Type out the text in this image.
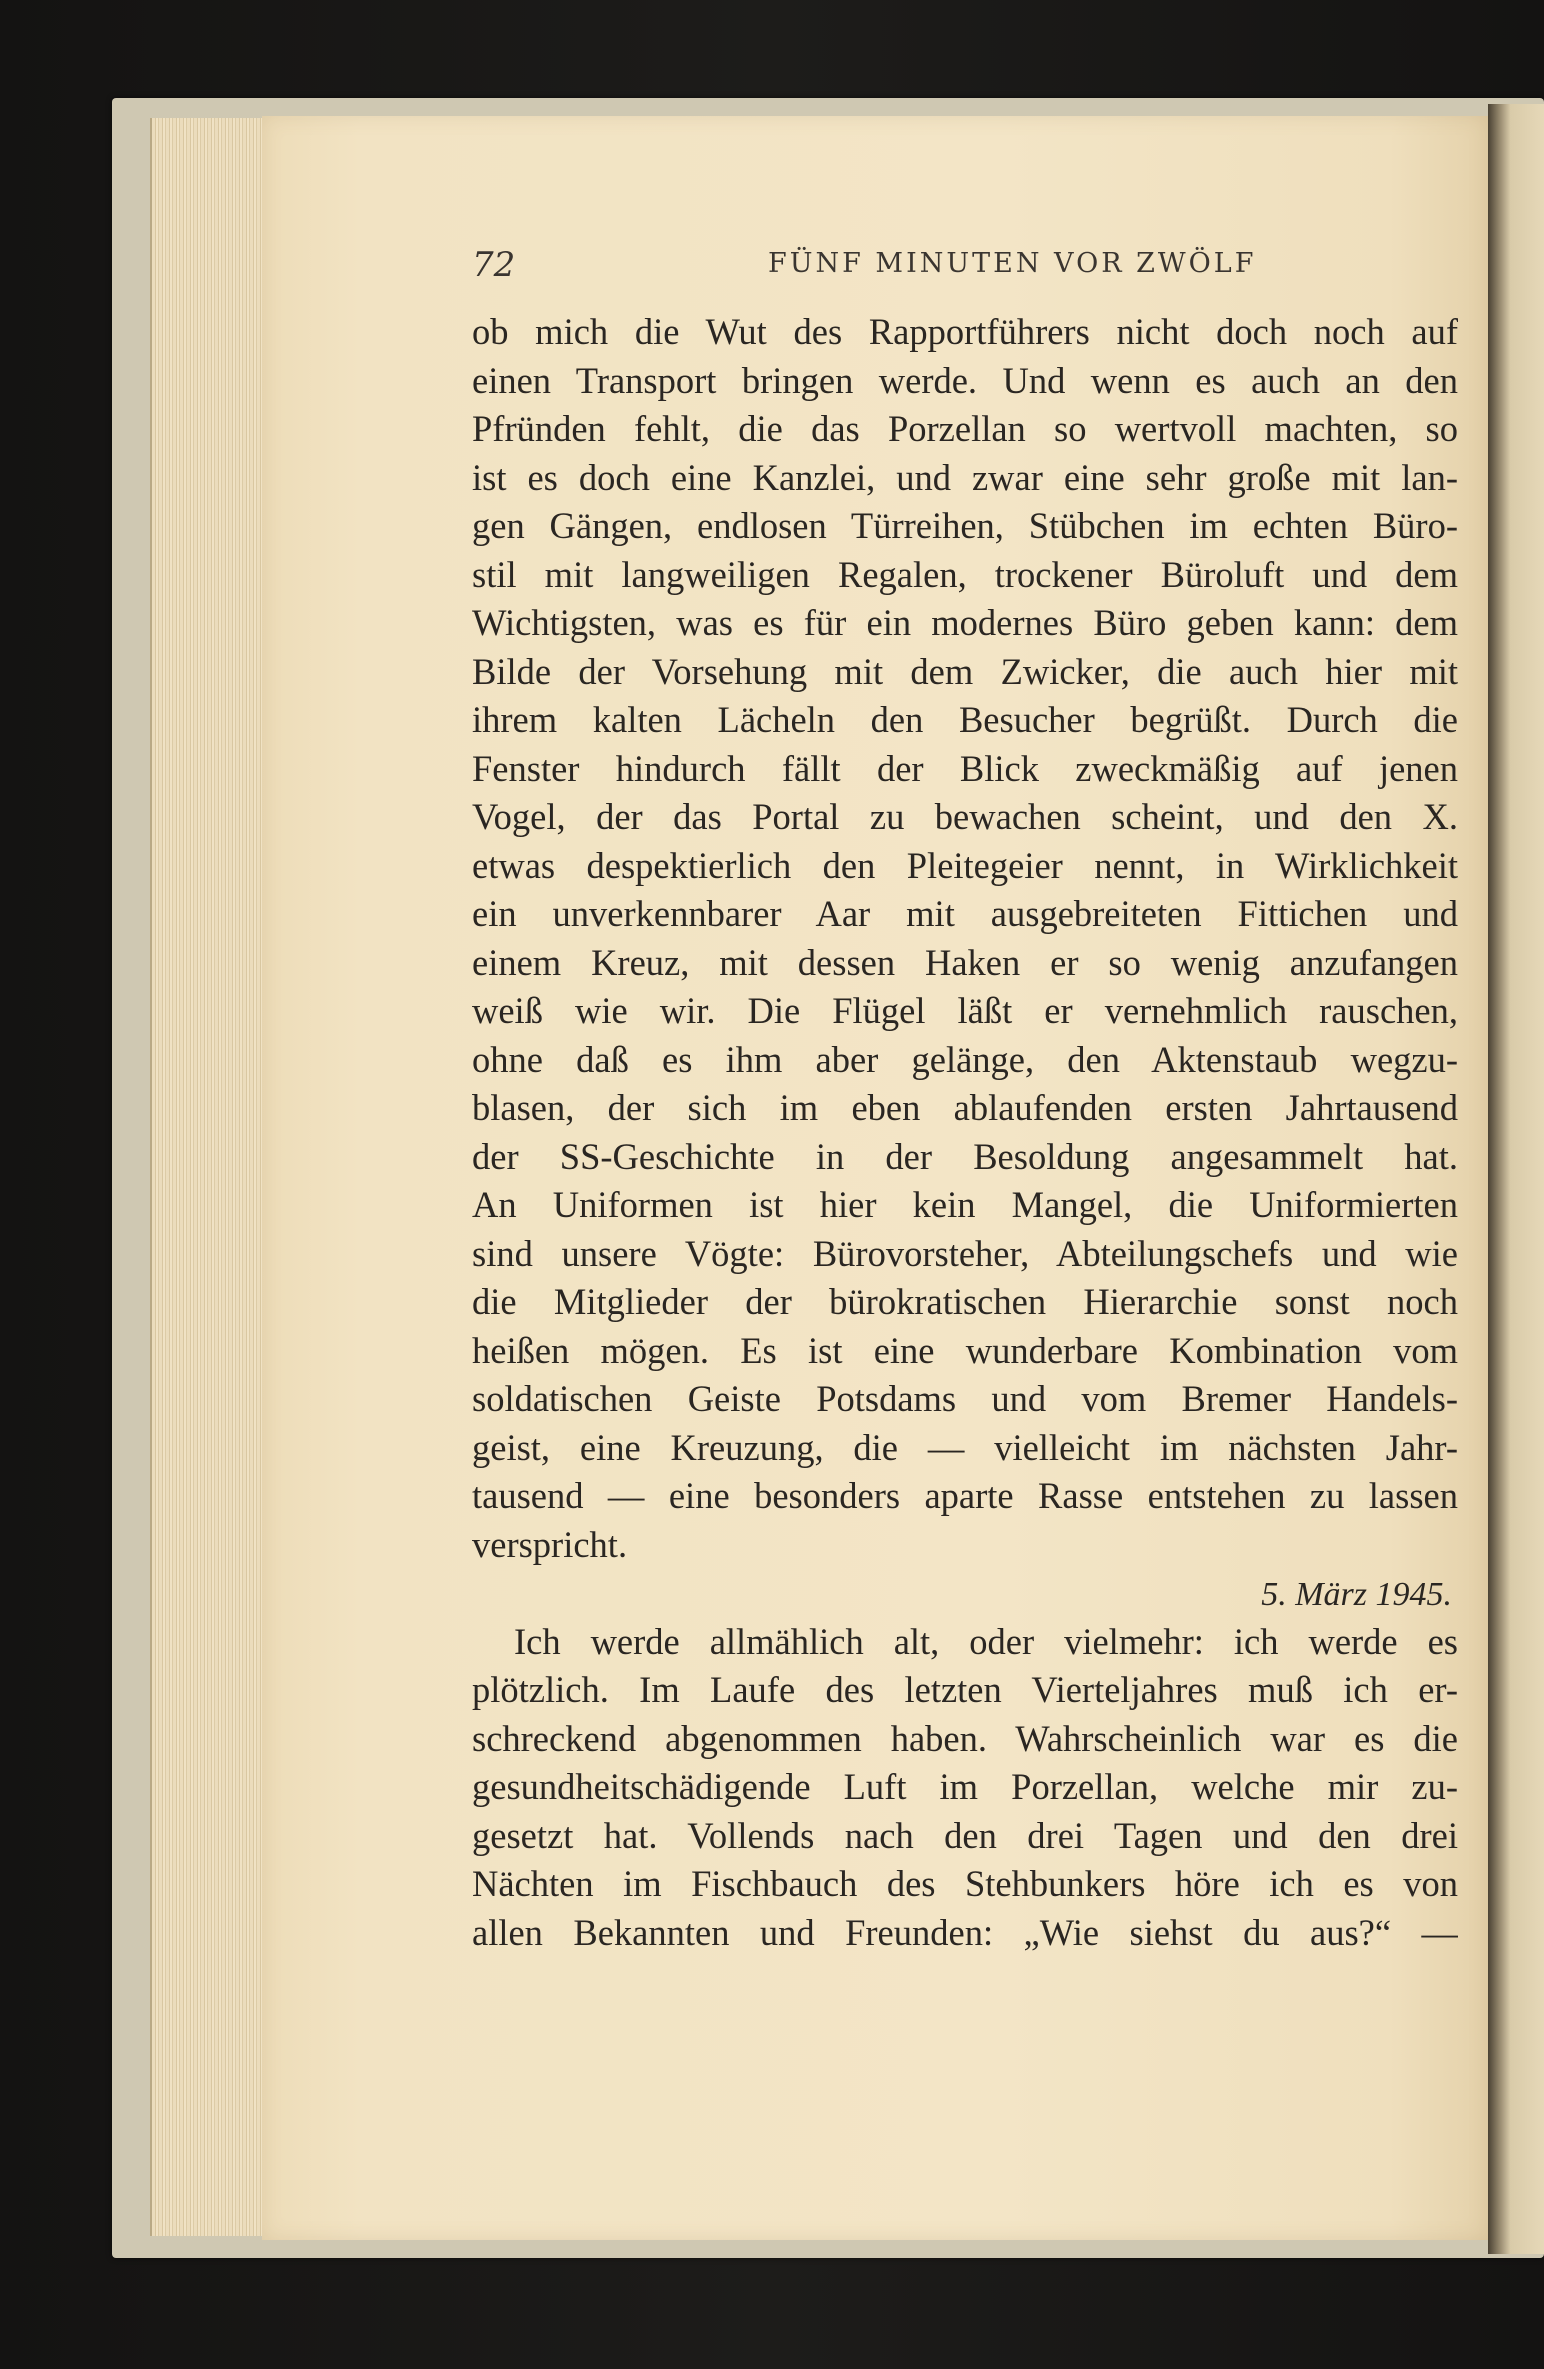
72	FÜNF MINUTEN VOR ZWÖLF
ob mich die Wut des Rapportführers nicht doch noch auf
einen Transport bringen werde. Und wenn es auch an den
Pfründen fehlt, die das Porzellan so wertvoll machten, so
ist es doch eine Kanzlei, und zwar eine sehr große mit lan-
gen Gängen, endlosen Türreihen, Stübchen im echten Büro-
stil mit langweiligen Regalen, trockener Büroluft und dem
Wichtigsten, was es für ein modernes Büro geben kann: dem
Bilde der Vorsehung mit dem Zwicker, die auch hier mit
ihrem kalten Lächeln den Besucher begrüßt. Durch die
Fenster hindurch fällt der Blick zweckmäßig auf jenen
Vogel, der das Portal zu bewachen scheint, und den X.
etwas despektierlich den Pleitegeier nennt, in Wirklichkeit
ein unverkennbarer Aar mit ausgebreiteten Fittichen und
einem Kreuz, mit dessen Haken er so wenig anzufangen
weiß wie wir. Die Flügel läßt er vernehmlich rauschen,
ohne daß es ihm aber gelänge, den Aktenstaub wegzu-
blasen, der sich im eben ablaufenden ersten Jahrtausend
der SS-Geschichte in der Besoldung angesammelt hat.
An Uniformen ist hier kein Mangel, die Uniformierten
sind unsere Vögte: Bürovorsteher, Abteilungschefs und wie
die Mitglieder der bürokratischen Hierarchie sonst noch
heißen mögen. Es ist eine wunderbare Kombination vom
soldatischen Geiste Potsdams und vom Bremer Handels-
geist, eine Kreuzung, die — vielleicht im nächsten Jahr-
tausend — eine besonders aparte Rasse entstehen zu lassen
verspricht.
5. März 1945.
Ich werde allmählich alt, oder vielmehr: ich werde es
plötzlich. Im Laufe des letzten Vierteljahres muß ich er-
schreckend abgenommen haben. Wahrscheinlich war es die
gesundheitschädigende Luft im Porzellan, welche mir zu-
gesetzt hat. Vollends nach den drei Tagen und den drei
Nächten im Fischbauch des Stehbunkers höre ich es von
allen Bekannten und Freunden: „Wie siehst du aus?“ —
